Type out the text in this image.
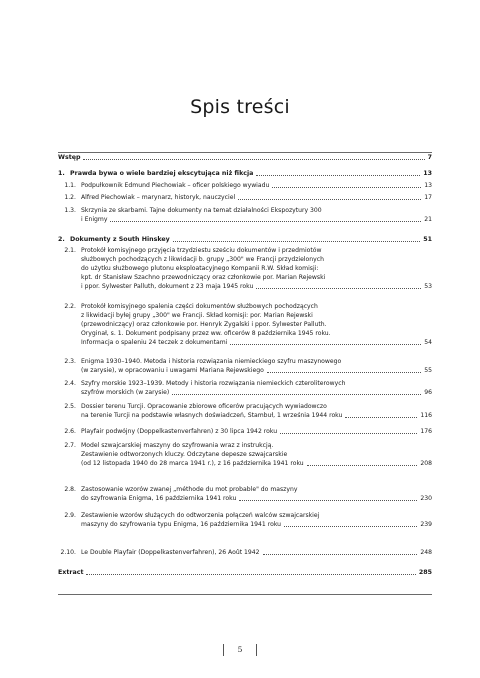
Spis treści
Wstęp	7
1. Prawda bywa o wiele bardziej ekscytująca niż fikcja	13
1.1. Podpułkownik Edmund Piechowiak – oficer polskiego wywiadu	13
1.2. Alfred Piechowiak – marynarz, historyk, nauczyciel	17
1.3. Skrzynia ze skarbami. Tajne dokumenty na temat działalności Ekspozytury 300
i Enigmy	21
2. Dokumenty z South Hinskey	51
2.1. Protokół komisyjnego przyjęcia trzydziestu sześciu dokumentów i przedmiotów
służbowych pochodzących z likwidacji b. grupy „300" we Francji przydzielonych
do użytku służbowego plutonu eksploatacyjnego Kompanii R.W. Skład komisji:
kpt. dr Stanisław Szachno przewodniczący oraz członkowie por. Marian Rejewski
i ppor. Sylwester Palluth, dokument z 23 maja 1945 roku	53
2.2. Protokół komisyjnego spalenia części dokumentów służbowych pochodzących
z likwidacji byłej grupy „300" we Francji. Skład komisji: por. Marian Rejewski
(przewodniczący) oraz członkowie por. Henryk Zygalski i ppor. Sylwester Palluth.
Oryginał, s. 1. Dokument podpisany przez ww. oficerów 8 października 1945 roku.
Informacja o spaleniu 24 teczek z dokumentami	54
2.3. Enigma 1930–1940. Metoda i historia rozwiązania niemieckiego szyfru maszynowego
(w zarysie), w opracowaniu i uwagami Mariana Rejewskiego	55
2.4. Szyfry morskie 1923–1939. Metody i historia rozwiązania niemieckich czteroliterowych
szyfrów morskich (w zarysie)	96
2.5. Dossier terenu Turcji. Opracowanie zbiorowe oficerów pracujących wywiadowczo
na terenie Turcji na podstawie własnych doświadczeń, Stambuł, 1 września 1944 roku	116
2.6. Playfair podwójny (Doppelkastenverfahren) z 30 lipca 1942 roku	176
2.7. Model szwajcarskiej maszyny do szyfrowania wraz z instrukcją.
Zestawienie odtworzonych kluczy. Odczytane depesze szwajcarskie
(od 12 listopada 1940 do 28 marca 1941 r.), z 16 października 1941 roku	208
2.8. Zastosowanie wzorów zwanej „méthode du mot probable" do maszyny
do szyfrowania Enigma, 16 października 1941 roku	230
2.9. Zestawienie wzorów służących do odtworzenia połączeń walców szwajcarskiej
maszyny do szyfrowania typu Enigma, 16 października 1941 roku	239
2.10. Le Double Playfair (Doppelkastenverfahren), 26 Août 1942	248
Extract	285
5
